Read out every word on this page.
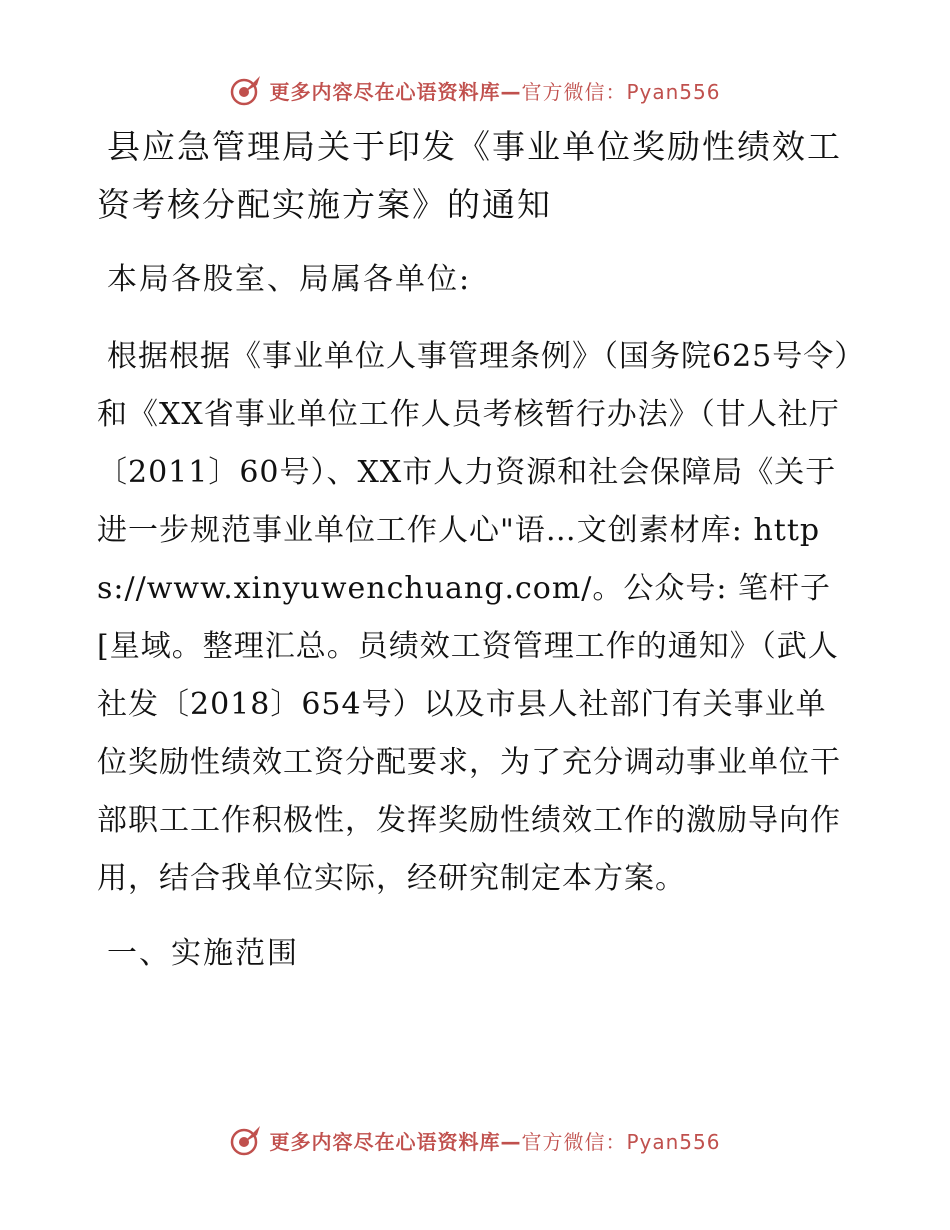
更多内容尽在心语资料库—官方微信：Pyan556
县应急管理局关于印发《事业单位奖励性绩效工资考核分配实施方案》的通知

本局各股室、局属各单位:

根据根据《事业单位人事管理条例》（国务院625号令）和《XX省事业单位工作人员考核暂行办法》（甘人社厅〔2011〕60号）、XX市人力资源和社会保障局《关于进一步规范事业单位工作人心"语…文创素材库: https://www.xinyuwenchuang.com/。公众号: 笔杆子[星域。整理汇总。员绩效工资管理工作的通知》（武人社发〔2018〕654号）以及市县人社部门有关事业单位奖励性绩效工资分配要求，为了充分调动事业单位干部职工工作积极性，发挥奖励性绩效工作的激励导向作用，结合我单位实际，经研究制定本方案。

一、实施范围

更多内容尽在心语资料库—官方微信：Pyan556
